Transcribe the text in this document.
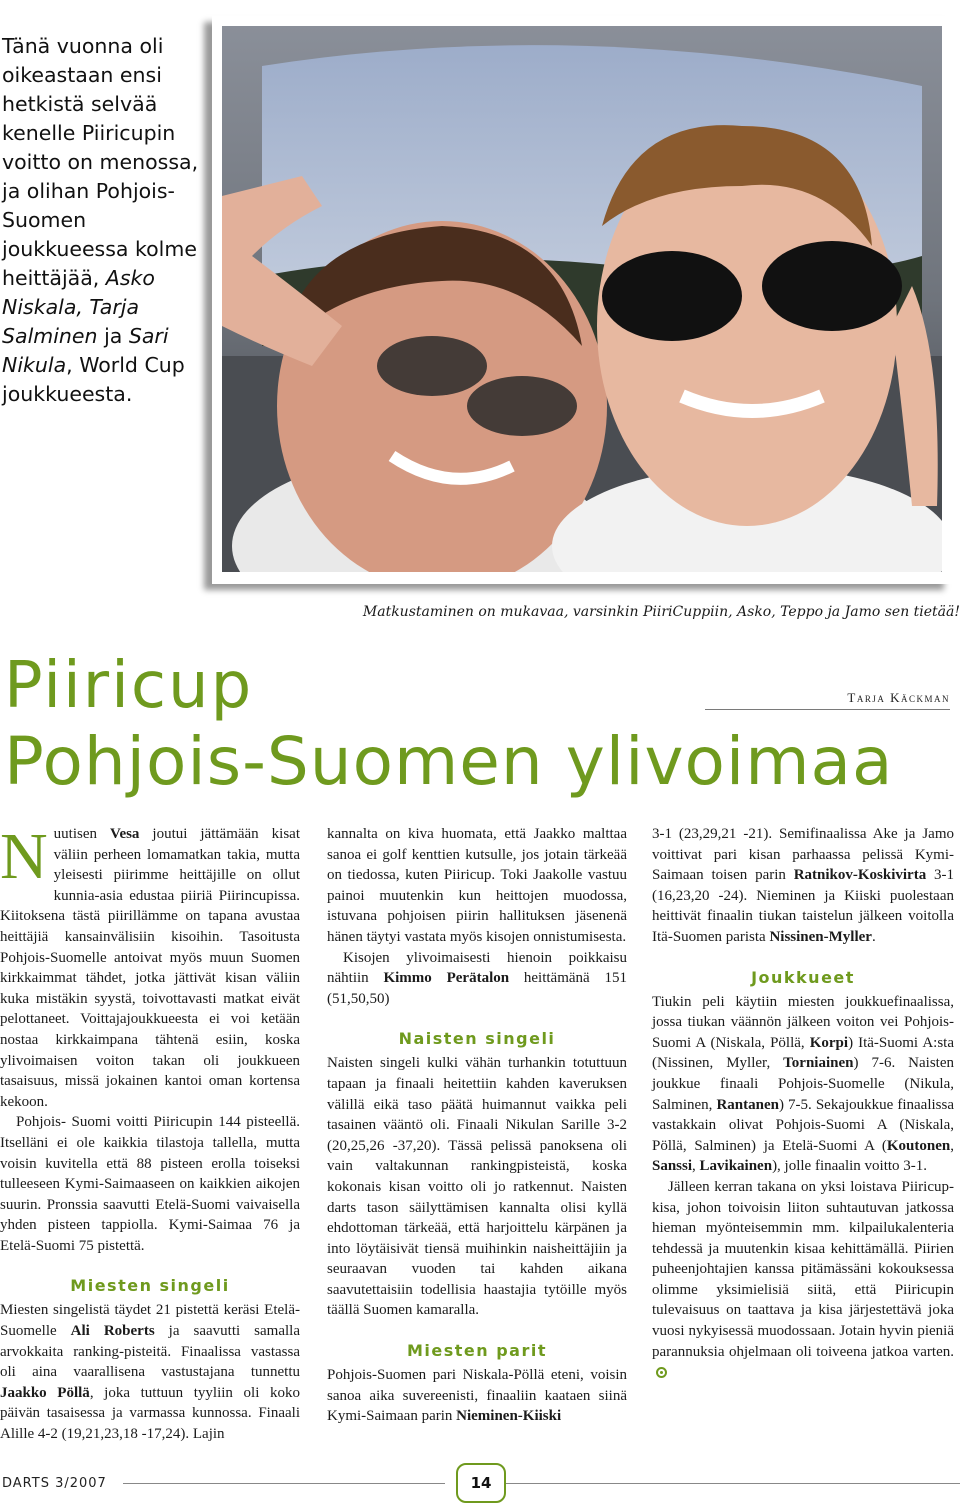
Tänä vuonna oli oikeastaan ensi hetkistä selvää kenelle Piiricupin voitto on menossa, ja olihan Pohjois-Suomen joukkueessa kolme heittäjää, Asko Niskala, Tarja Salminen ja Sari Nikula, World Cup joukkueesta.
Matkustaminen on mukavaa, varsinkin PiiriCuppiin, Asko, Teppo ja Jamo sen tietää!
Piiricup	Tarja Käckman
Pohjois-Suomen ylivoimaa

Nuutisen Vesa joutui jättämään kisat väliin perheen lomamatkan takia, mutta yleisesti piirimme heittäjille on ollut kunnia-asia edustaa piiriä Piirincupissa. Kiitoksena tästä piirillämme on tapana avustaa heittäjiä kansainvälisiin kisoihin. Tasoitusta Pohjois-Suomelle antoivat myös muun Suomen kirkkaimmat tähdet, jotka jättivät kisan väliin kuka mistäkin syystä, toivottavasti matkat eivät pelottaneet. Voittajajoukkueesta ei voi ketään nostaa kirkkaimpana tähtenä esiin, koska ylivoimaisen voiton takan oli joukkueen tasaisuus, missä jokainen kantoi oman kortensa kekoon.

Pohjois- Suomi voitti Piiricupin 144 pisteellä. Itselläni ei ole kaikkia tilastoja tallella, mutta voisin kuvitella että 88 pisteen erolla toiseksi tulleeseen Kymi-Saimaaseen on kaikkien aikojen suurin. Pronssia saavutti Etelä-Suomi vaivaisella yhden pisteen tappiolla. Kymi-Saimaa 76 ja Etelä-Suomi 75 pistettä.

Miesten singeli

Miesten singelistä täydet 21 pistettä keräsi Etelä-Suomelle Ali Roberts ja saavutti samalla arvokkaita ranking-pisteitä. Finaalissa vastassa oli aina vaarallisena vastustajana tunnettu Jaakko Pöllä, joka tuttuun tyyliin oli koko päivän tasaisessa ja varmassa kunnossa. Finaali Alille 4-2 (19,21,23,18 -17,24). Lajin

kannalta on kiva huomata, että Jaakko malttaa sanoa ei golf kenttien kutsulle, jos jotain tärkeää on tiedossa, kuten Piiricup. Toki Jaakolle vastuu painoi muutenkin kun heittojen muodossa, istuvana pohjoisen piirin hallituksen jäsenenä hänen täytyi vastata myös kisojen onnistumisesta.

Kisojen ylivoimaisesti hienoin poikkaisu nähtiin Kimmo Perätalon heittämänä 151 (51,50,50)

Naisten singeli

Naisten singeli kulki vähän turhankin totuttuun tapaan ja finaali heitettiin kahden kaveruksen välillä eikä taso päätä huimannut vaikka peli tasainen vääntö oli. Finaali Nikulan Sarille 3-2 (20,25,26 -37,20). Tässä pelissä panoksena oli vain valtakunnan rankingpisteistä, koska kokonais kisan voitto oli jo ratkennut. Naisten darts tason säilyttämisen kannalta olisi kyllä ehdottoman tärkeää, että harjoittelu kärpänen ja into löytäisivät tiensä muihinkin naisheittäjiin ja seuraavan vuoden tai kahden aikana saavutettaisiin todellisia haastajia tytöille myös täällä Suomen kamaralla.

Miesten parit

Pohjois-Suomen pari Niskala-Pöllä eteni, voisin sanoa aika suvereenisti, finaaliin kaataen siinä Kymi-Saimaan parin Nieminen-Kiiski

3-1 (23,29,21 -21). Semifinaalissa Ake ja Jamo voittivat pari kisan parhaassa pelissä Kymi-Saimaan toisen parin Ratnikov-Koskivirta 3-1 (16,23,20 -24). Nieminen ja Kiiski puolestaan heittivät finaalin tiukan taistelun jälkeen voitolla Itä-Suomen parista Nissinen-Myller.

Joukkueet

Tiukin peli käytiin miesten joukkuefinaalissa, jossa tiukan väännön jälkeen voiton vei Pohjois-Suomi A (Niskala, Pöllä, Korpi) Itä-Suomi A:sta (Nissinen, Myller, Torniainen) 7-6. Naisten joukkue finaali Pohjois-Suomelle (Nikula, Salminen, Rantanen) 7-5. Sekajoukkue finaalissa vastakkain olivat Pohjois-Suomi A (Niskala, Pöllä, Salminen) ja Etelä-Suomi A (Koutonen, Sanssi, Lavikainen), jolle finaalin voitto 3-1.

Jälleen kerran takana on yksi loistava Piiricup-kisa, johon toivoisin liiton suhtautuvan jatkossa hieman myönteisemmin mm. kilpailukalenteria tehdessä ja muutenkin kisaa kehittämällä. Piirien puheenjohtajien kanssa pitämässäni kokouksessa olimme yksimielisiä siitä, että Piiricupin tulevaisuus on taattava ja kisa järjestettävä joka vuosi nykyisessä muodossaan. Jotain hyvin pieniä parannuksia ohjelmaan oli toiveena jatkoa varten.

DARTS 3/2007	14
